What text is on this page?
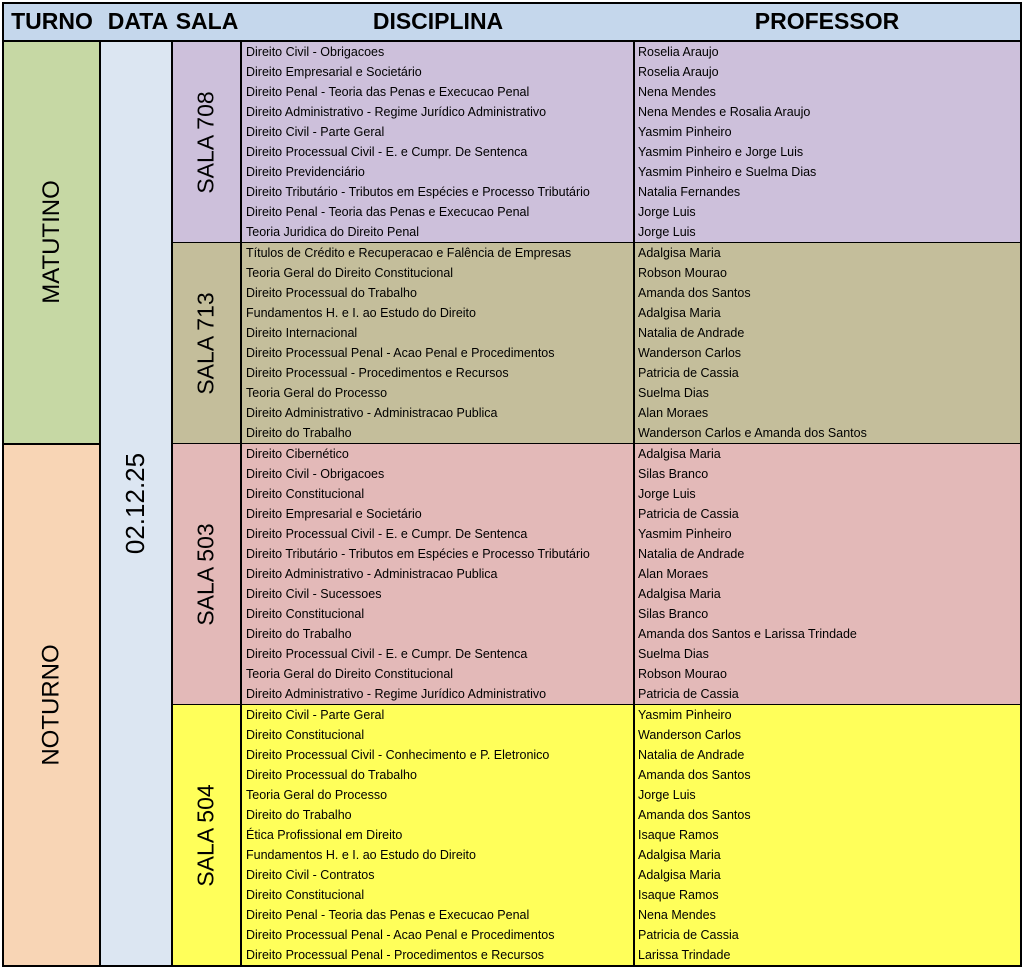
TURNO DATA SALA	DISCIPLINA	PROFESSOR
MATUTINO
NOTURNO
02.12.25
SALA 708
Direito Civil - Obrigacoes	Roselia Araujo
Direito Empresarial e Societário	Roselia Araujo
Direito Penal - Teoria das Penas e Execucao Penal	Nena Mendes
Direito Administrativo - Regime Jurídico Administrativo	Nena Mendes e Rosalia Araujo
Direito Civil - Parte Geral	Yasmim Pinheiro
Direito Processual Civil - E. e Cumpr. De Sentenca	Yasmim Pinheiro e Jorge Luis
Direito Previdenciário	Yasmim Pinheiro e Suelma Dias
Direito Tributário - Tributos em Espécies e Processo Tributário	Natalia Fernandes
Direito Penal - Teoria das Penas e Execucao Penal	Jorge Luis
Teoria Juridica do Direito Penal	Jorge Luis
SALA 713
Títulos de Crédito e Recuperacao e Falência de Empresas	Adalgisa Maria
Teoria Geral do Direito Constitucional	Robson Mourao
Direito Processual do Trabalho	Amanda dos Santos
Fundamentos H. e I. ao Estudo do Direito	Adalgisa Maria
Direito Internacional	Natalia de Andrade
Direito Processual Penal - Acao Penal e Procedimentos	Wanderson Carlos
Direito Processual - Procedimentos e Recursos	Patricia de Cassia
Teoria Geral do Processo	Suelma Dias
Direito Administrativo - Administracao Publica	Alan Moraes
Direito do Trabalho	Wanderson Carlos e Amanda dos Santos
SALA 503
Direito Cibernético	Adalgisa Maria
Direito Civil - Obrigacoes	Silas Branco
Direito Constitucional	Jorge Luis
Direito Empresarial e Societário	Patricia de Cassia
Direito Processual Civil - E. e Cumpr. De Sentenca	Yasmim Pinheiro
Direito Tributário - Tributos em Espécies e Processo Tributário	Natalia de Andrade
Direito Administrativo - Administracao Publica	Alan Moraes
Direito Civil - Sucessoes	Adalgisa Maria
Direito Constitucional	Silas Branco
Direito do Trabalho	Amanda dos Santos e Larissa Trindade
Direito Processual Civil - E. e Cumpr. De Sentenca	Suelma Dias
Teoria Geral do Direito Constitucional	Robson Mourao
Direito Administrativo - Regime Jurídico Administrativo	Patricia de Cassia
SALA 504
Direito Civil - Parte Geral	Yasmim Pinheiro
Direito Constitucional	Wanderson Carlos
Direito Processual Civil - Conhecimento e P. Eletronico	Natalia de Andrade
Direito Processual do Trabalho	Amanda dos Santos
Teoria Geral do Processo	Jorge Luis
Direito do Trabalho	Amanda dos Santos
Ética Profissional em Direito	Isaque Ramos
Fundamentos H. e I. ao Estudo do Direito	Adalgisa Maria
Direito Civil - Contratos	Adalgisa Maria
Direito Constitucional	Isaque Ramos
Direito Penal - Teoria das Penas e Execucao Penal	Nena Mendes
Direito Processual Penal - Acao Penal e Procedimentos	Patricia de Cassia
Direito Processual Penal - Procedimentos e Recursos	Larissa Trindade
